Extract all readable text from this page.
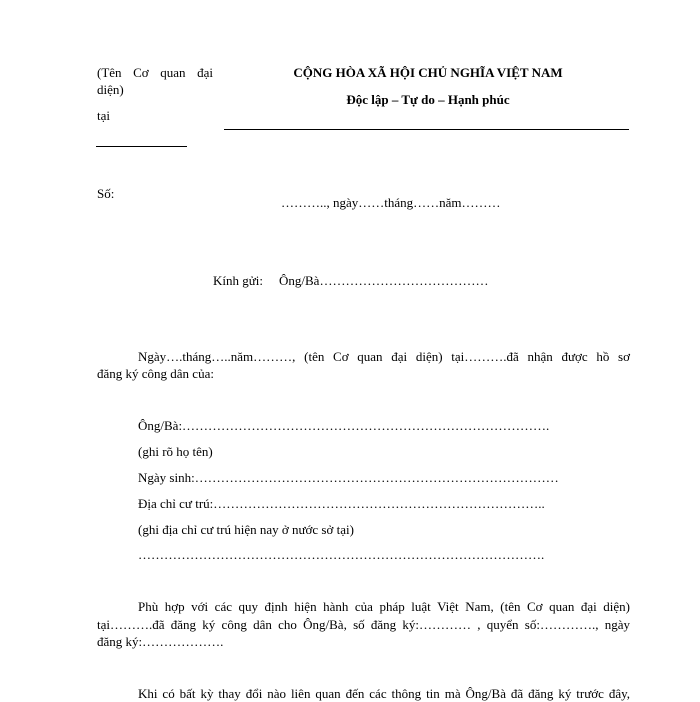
(Tên Cơ quan đại
diện)
tại
CỘNG HÒA XÃ HỘI CHỦ NGHĨA VIỆT NAM
Độc lập – Tự do – Hạnh phúc
Số:
……….., ngày……tháng……năm………
Kính gửi: Ông/Bà…………………………………
Ngày….tháng…..năm………, (tên Cơ quan đại diện) tại……….đã nhận được hồ sơ
đăng ký công dân của:
Ông/Bà:………………………………………………………………………….
(ghi rõ họ tên)
Ngày sinh:…………………………………………………………………………
Địa chỉ cư trú:…………………………………………………………………..
(ghi địa chỉ cư trú hiện nay ở nước sở tại)
………………………………………………………………………………….
Phù hợp với các quy định hiện hành của pháp luật Việt Nam, (tên Cơ quan đại diện)
tại……….đã đăng ký công dân cho Ông/Bà, số đăng ký:………… , quyển số:…………., ngày
đăng ký:……………….
Khi có bất kỳ thay đổi nào liên quan đến các thông tin mà Ông/Bà đã đăng ký trước đây,
